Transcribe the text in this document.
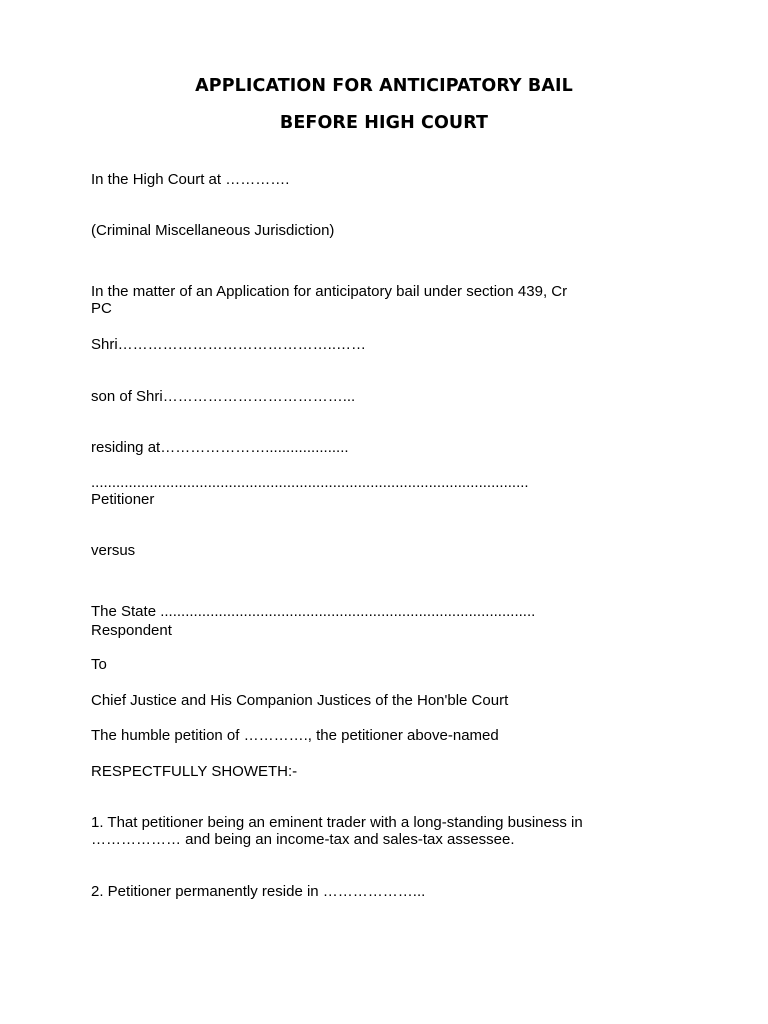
APPLICATION FOR ANTICIPATORY BAIL
BEFORE HIGH COURT
In the High Court at ………….
(Criminal Miscellaneous Jurisdiction)
In the matter of an Application for anticipatory bail under section 439, Cr
PC
Shri……………………………………..……
son of Shri………………………………...
residing at…………………....................
.........................................................................................................
Petitioner
versus
The State ..........................................................................................
Respondent
To
Chief Justice and His Companion Justices of the Hon'ble Court
The humble petition of …………., the petitioner above-named
RESPECTFULLY SHOWETH:-
1. That petitioner being an eminent trader with a long-standing business in
……………… and being an income-tax and sales-tax assessee.
2. Petitioner permanently reside in ………………...
